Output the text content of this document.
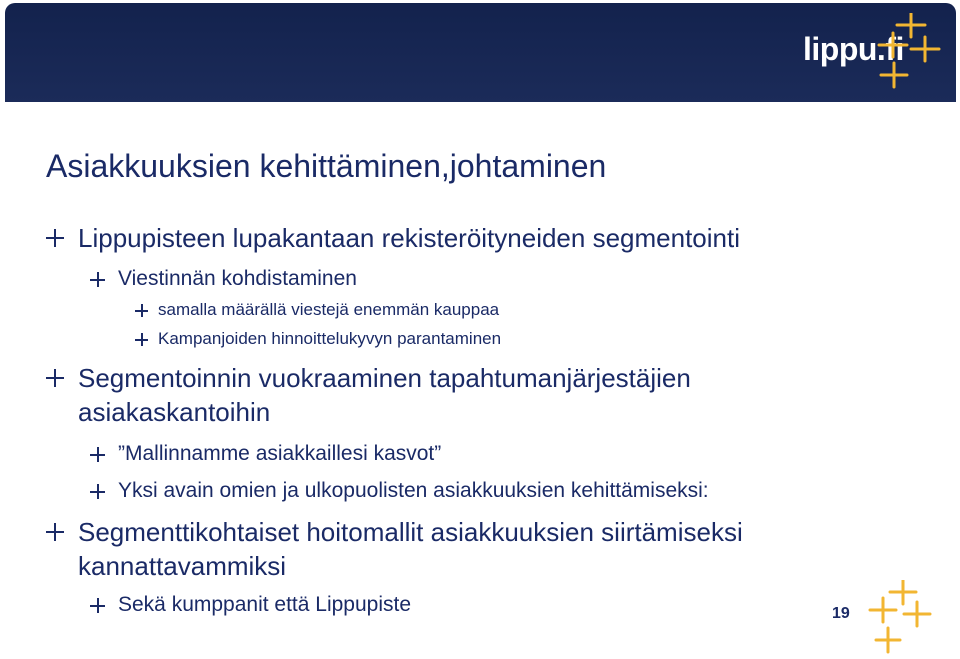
lippu.fi
Asiakkuuksien kehittäminen,johtaminen
Lippupisteen lupakantaan rekisteröityneiden segmentointi
Viestinnän kohdistaminen
samalla määrällä viestejä enemmän kauppaa
Kampanjoiden hinnoittelukyvyn parantaminen
Segmentoinnin vuokraaminen tapahtumanjärjestäjien
asiakaskantoihin
”Mallinnamme asiakkaillesi kasvot”
Yksi avain omien ja ulkopuolisten asiakkuuksien kehittämiseksi:
Segmenttikohtaiset hoitomallit asiakkuuksien siirtämiseksi
kannattavammiksi
Sekä kumppanit että Lippupiste	19
